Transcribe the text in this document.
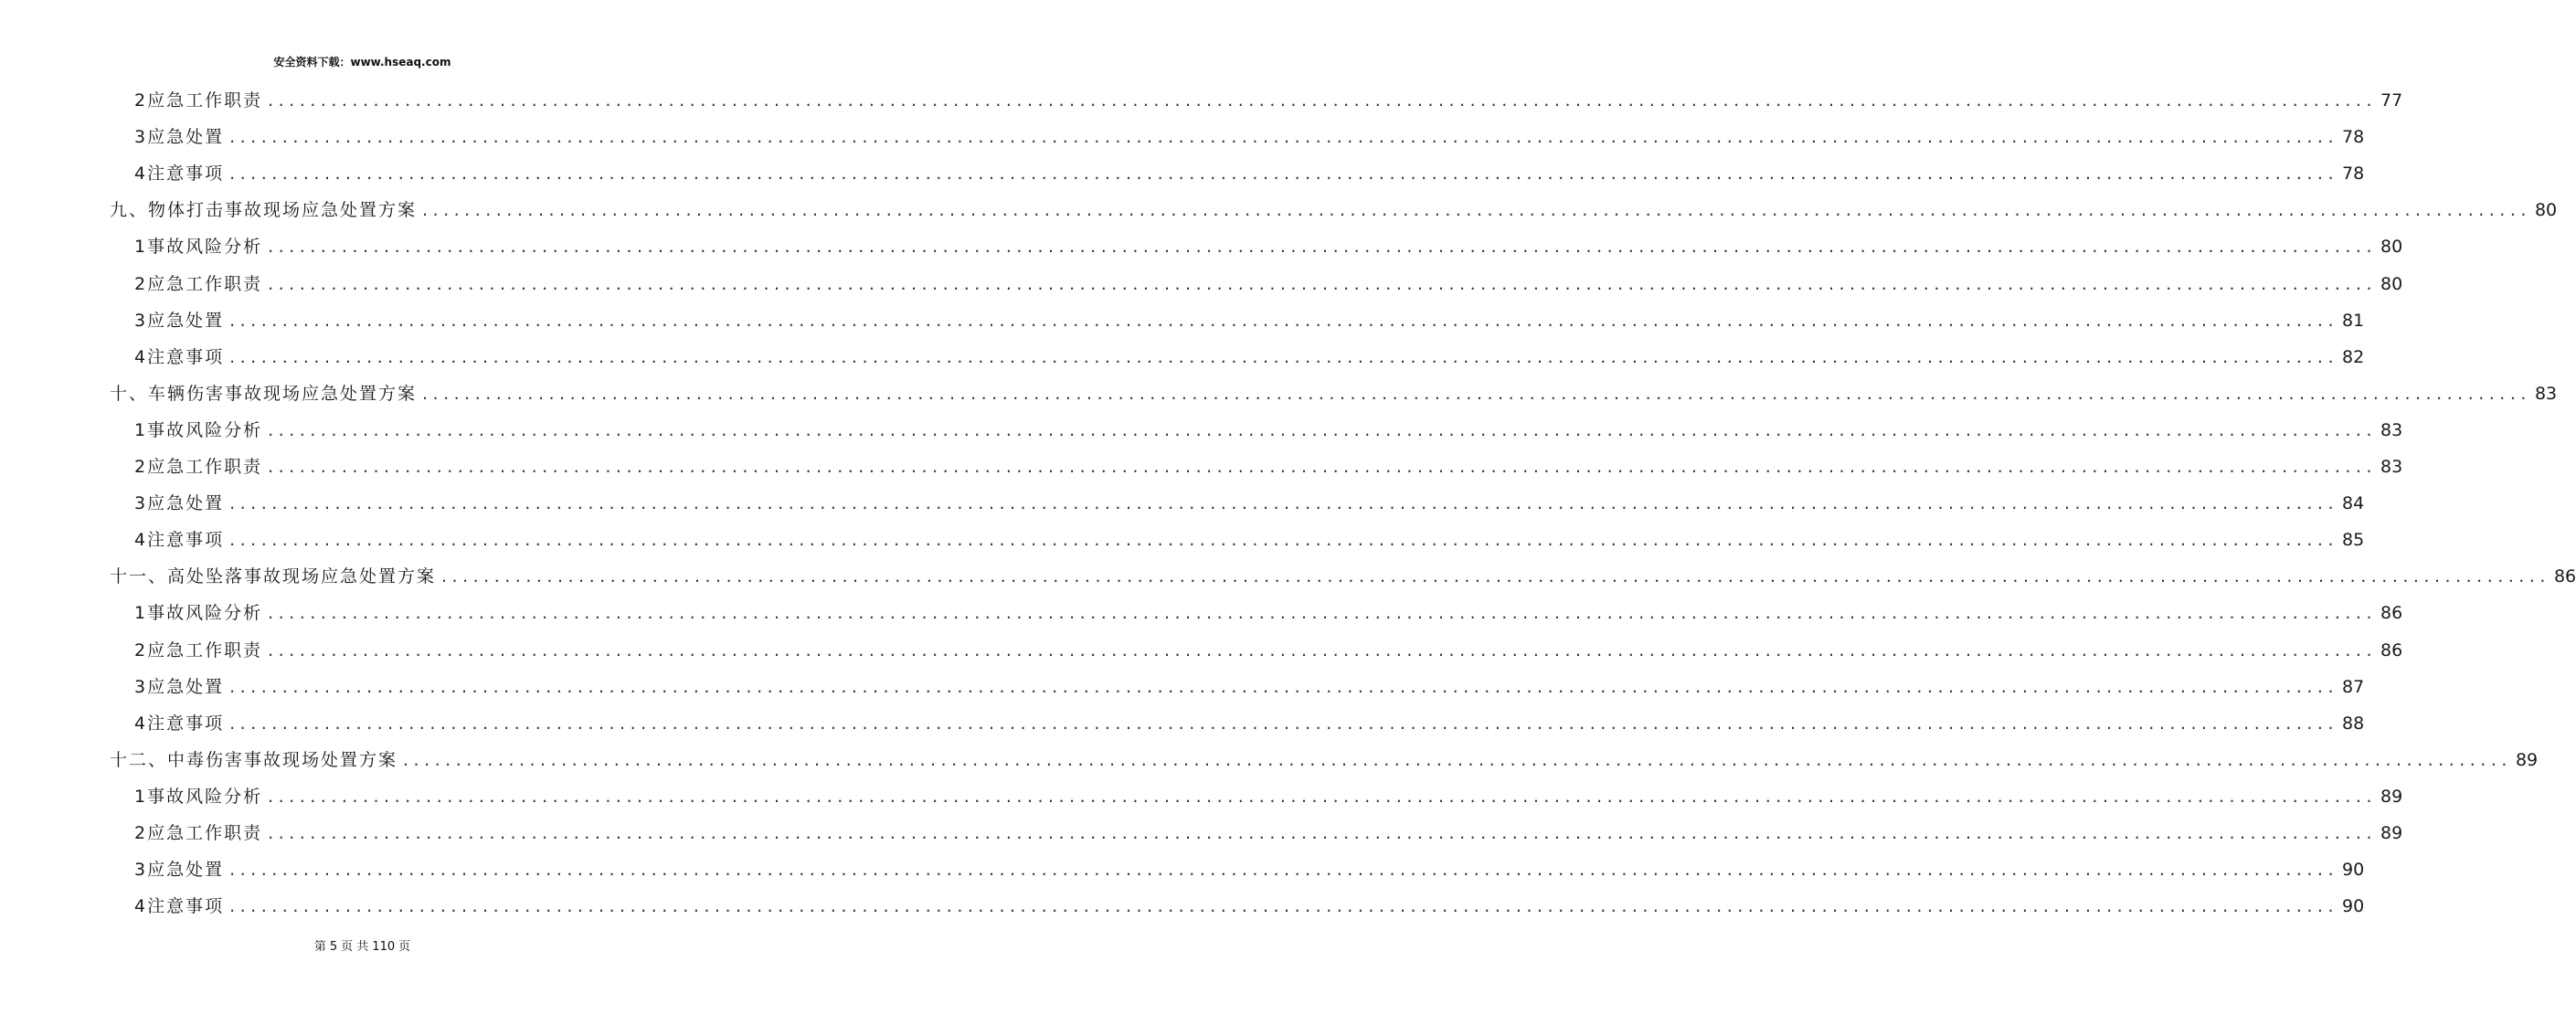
安全资料下载：www.hseaq.com
2应急工作职责 ........................................................................................................................................................................................................ 77
3应急处置 ........................................................................................................................................................................................................ 78
4注意事项 ........................................................................................................................................................................................................ 78
九、物体打击事故现场应急处置方案 ........................................................................................................................................................................................................ 80
1事故风险分析 ........................................................................................................................................................................................................ 80
2应急工作职责 ........................................................................................................................................................................................................ 80
3应急处置 ........................................................................................................................................................................................................ 81
4注意事项 ........................................................................................................................................................................................................ 82
十、车辆伤害事故现场应急处置方案 ........................................................................................................................................................................................................ 83
1事故风险分析 ........................................................................................................................................................................................................ 83
2应急工作职责 ........................................................................................................................................................................................................ 83
3应急处置 ........................................................................................................................................................................................................ 84
4注意事项 ........................................................................................................................................................................................................ 85
十一、高处坠落事故现场应急处置方案 ........................................................................................................................................................................................................ 86
1事故风险分析 ........................................................................................................................................................................................................ 86
2应急工作职责 ........................................................................................................................................................................................................ 86
3应急处置 ........................................................................................................................................................................................................ 87
4注意事项 ........................................................................................................................................................................................................ 88
十二、中毒伤害事故现场处置方案 ........................................................................................................................................................................................................ 89
1事故风险分析 ........................................................................................................................................................................................................ 89
2应急工作职责 ........................................................................................................................................................................................................ 89
3应急处置 ........................................................................................................................................................................................................ 90
4注意事项 ........................................................................................................................................................................................................ 90
第 5 页 共 110 页
